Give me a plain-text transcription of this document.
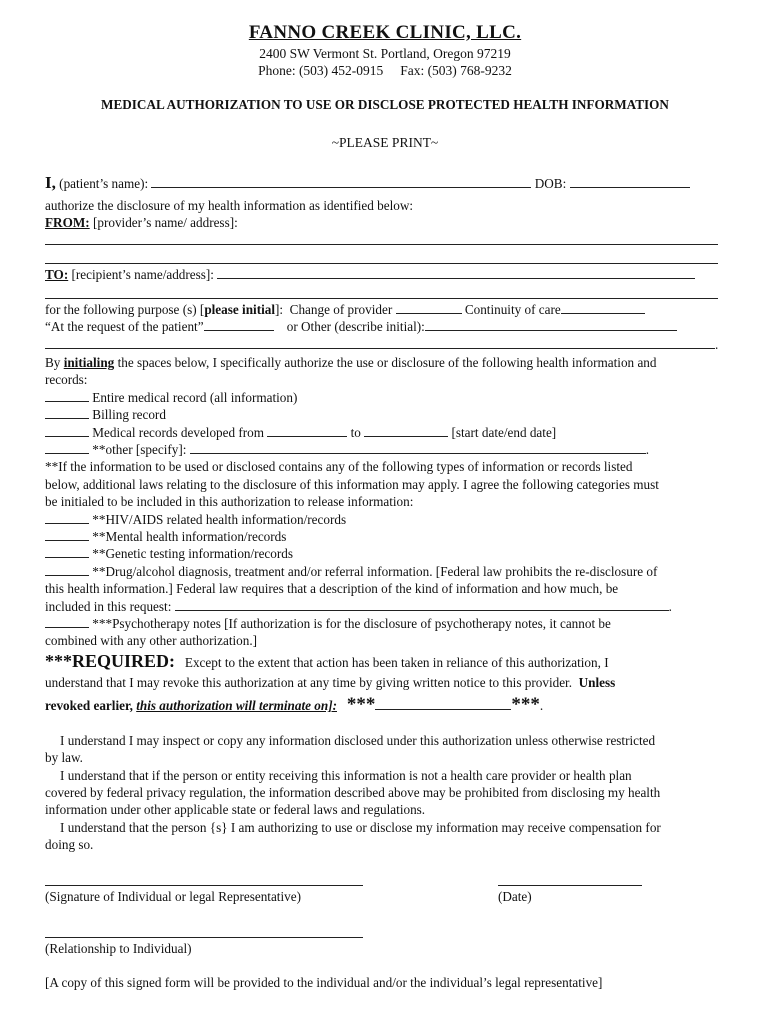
FANNO CREEK CLINIC, LLC.
2400 SW Vermont St. Portland, Oregon 97219
Phone: (503) 452-0915 Fax: (503) 768-9232
MEDICAL AUTHORIZATION TO USE OR DISCLOSE PROTECTED HEALTH INFORMATION
~PLEASE PRINT~
I, (patient’s name):	DOB:
authorize the disclosure of my health information as identified below:
FROM: [provider’s name/ address]:
TO: [recipient’s name/address]:
for the following purpose (s) [please initial]: Change of provider	Continuity of care
“At the request of the patient”	or Other (describe initial):
.
By initialing the spaces below, I specifically authorize the use or disclosure of the following health information and
records:
Entire medical record (all information)
Billing record
Medical records developed from	to	[start date/end date]
**other [specify]:	.
**If the information to be used or disclosed contains any of the following types of information or records listed
below, additional laws relating to the disclosure of this information may apply. I agree the following categories must
be initialed to be included in this authorization to release information:
**HIV/AIDS related health information/records
**Mental health information/records
**Genetic testing information/records
**Drug/alcohol diagnosis, treatment and/or referral information. [Federal law prohibits the re-disclosure of
this health information.] Federal law requires that a description of the kind of information and how much, be
included in this request:	.
***Psychotherapy notes [If authorization is for the disclosure of psychotherapy notes, it cannot be
combined with any other authorization.]
***REQUIRED: Except to the extent that action has been taken in reliance of this authorization, I
understand that I may revoke this authorization at any time by giving written notice to this provider. Unless
revoked earlier, this authorization will terminate on]: ***	***.
I understand I may inspect or copy any information disclosed under this authorization unless otherwise restricted
by law.
I understand that if the person or entity receiving this information is not a health care provider or health plan
covered by federal privacy regulation, the information described above may be prohibited from disclosing my health
information under other applicable state or federal laws and regulations.
I understand that the person {s} I am authorizing to use or disclose my information may receive compensation for
doing so.
(Signature of Individual or legal Representative)	(Date)
(Relationship to Individual)
[A copy of this signed form will be provided to the individual and/or the individual’s legal representative]
